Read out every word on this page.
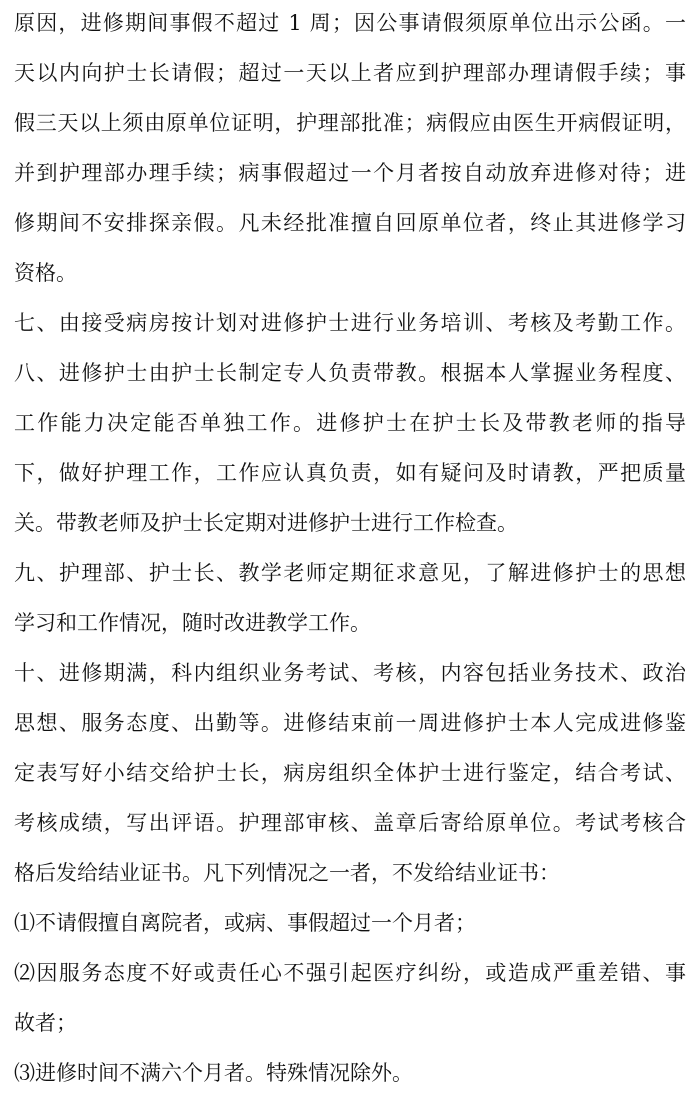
原因，进修期间事假不超过 1 周；因公事请假须原单位出示公函。一
天以内向护士长请假；超过一天以上者应到护理部办理请假手续；事
假三天以上须由原单位证明，护理部批准；病假应由医生开病假证明，
并到护理部办理手续；病事假超过一个月者按自动放弃进修对待；进
修期间不安排探亲假。凡未经批准擅自回原单位者，终止其进修学习
资格。
七、由接受病房按计划对进修护士进行业务培训、考核及考勤工作。
八、进修护士由护士长制定专人负责带教。根据本人掌握业务程度、
工作能力决定能否单独工作。进修护士在护士长及带教老师的指导
下，做好护理工作，工作应认真负责，如有疑问及时请教，严把质量
关。带教老师及护士长定期对进修护士进行工作检查。
九、护理部、护士长、教学老师定期征求意见，了解进修护士的思想
学习和工作情况，随时改进教学工作。
十、进修期满，科内组织业务考试、考核，内容包括业务技术、政治
思想、服务态度、出勤等。进修结束前一周进修护士本人完成进修鉴
定表写好小结交给护士长，病房组织全体护士进行鉴定，结合考试、
考核成绩，写出评语。护理部审核、盖章后寄给原单位。考试考核合
格后发给结业证书。凡下列情况之一者，不发给结业证书：
⑴不请假擅自离院者，或病、事假超过一个月者；
⑵因服务态度不好或责任心不强引起医疗纠纷，或造成严重差错、事
故者；
⑶进修时间不满六个月者。特殊情况除外。
